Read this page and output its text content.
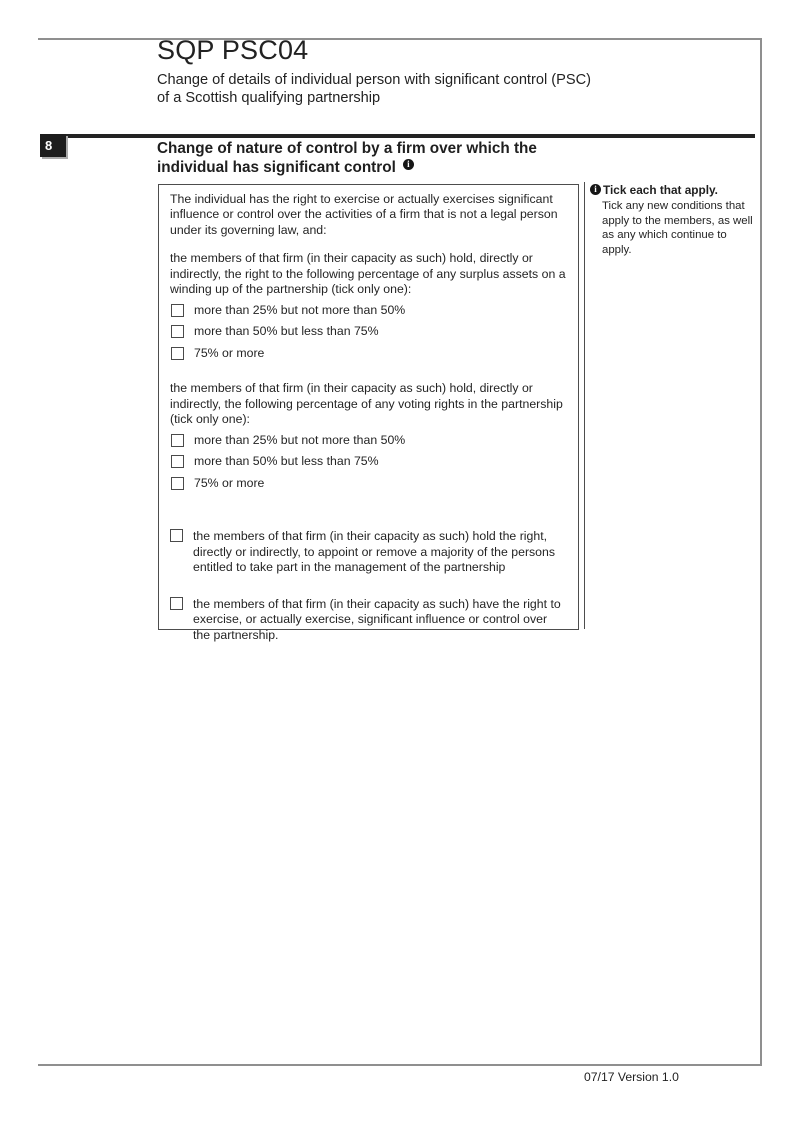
SQP PSC04
Change of details of individual person with significant control (PSC)
of a Scottish qualifying partnership
8	Change of nature of control by a firm over which the individual has significant control i

The individual has the right to exercise or actually exercises significant influence or control over the activities of a firm that is not a legal person under its governing law, and:

the members of that firm (in their capacity as such) hold, directly or indirectly, the right to the following percentage of any surplus assets on a winding up of the partnership (tick only one):

more than 25% but not more than 50%
more than 50% but less than 75%
75% or more

the members of that firm (in their capacity as such) hold, directly or indirectly, the following percentage of any voting rights in the partnership (tick only one):

more than 25% but not more than 50%
more than 50% but less than 75%
75% or more
the members of that firm (in their capacity as such) hold the right, directly or indirectly, to appoint or remove a majority of the persons entitled to take part in the management of the partnership
the members of that firm (in their capacity as such) have the right to exercise, or actually exercise, significant influence or control over the partnership.
i Tick each that apply.
Tick any new conditions that apply to the members, as well as any which continue to apply.
07/17 Version 1.0
